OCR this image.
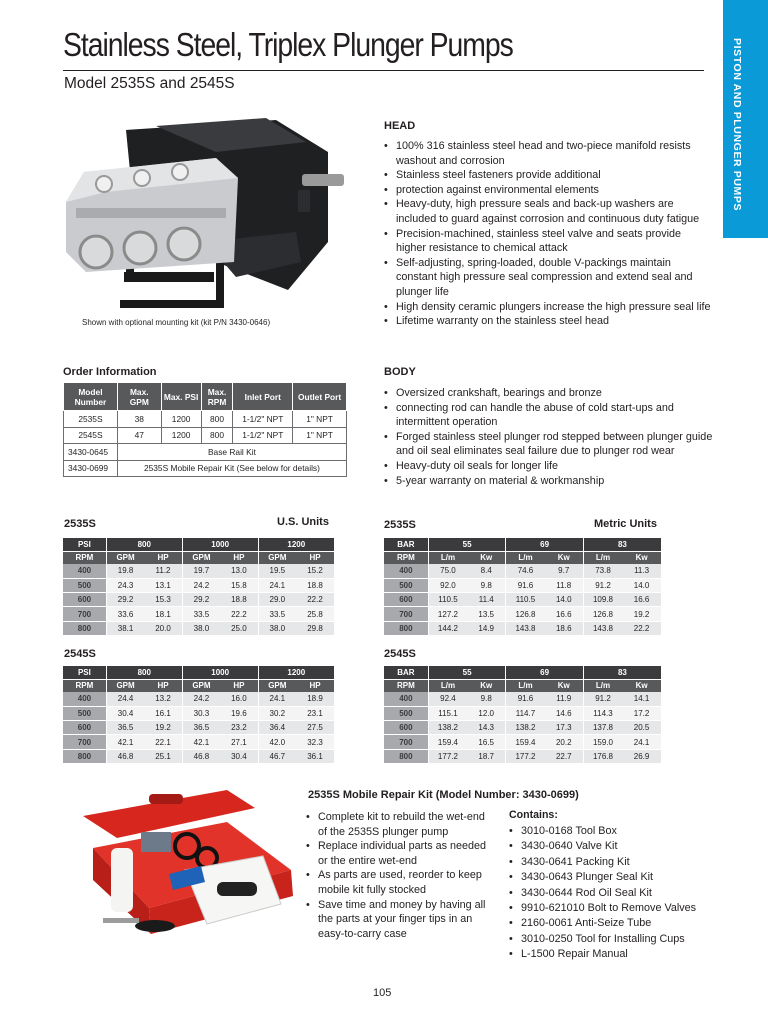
PISTON AND PLUNGER PUMPS
Stainless Steel, Triplex Plunger Pumps
Model 2535S and 2545S
Shown with optional mounting kit (kit P/N 3430-0646)
HEAD
• 100% 316 stainless steel head and two-piece manifold resists washout and corrosion
• Stainless steel fasteners provide additional
• protection against environmental elements
• Heavy-duty, high pressure seals and back-up washers are included to guard against corrosion and continuous duty fatigue
• Precision-machined, stainless steel valve and seats provide higher resistance to chemical attack
• Self-adjusting, spring-loaded, double V-packings maintain constant high pressure seal compression and extend seal and plunger life
• High density ceramic plungers increase the high pressure seal life
• Lifetime warranty on the stainless steel head
BODY
• Oversized crankshaft, bearings and bronze
• connecting rod can handle the abuse of cold start-ups and intermittent operation
• Forged stainless steel plunger rod stepped between plunger guide and oil seal eliminates seal failure due to plunger rod wear
• Heavy-duty oil seals for longer life
• 5-year warranty on material & workmanship
Order Information
Model Number	Max. GPM	Max. PSI	Max. RPM	Inlet Port	Outlet Port
2535S	38	1200	800	1-1/2" NPT	1" NPT
2545S	47	1200	800	1-1/2" NPT	1" NPT
3430-0645	Base Rail Kit				
3430-0699	2535S Mobile Repair Kit (See below for details)				
2535S	U.S. Units
PSI	800		1000		1200	
RPM	GPM	HP	GPM	HP	GPM	HP
400	19.8	11.2	19.7	13.0	19.5	15.2
500	24.3	13.1	24.2	15.8	24.1	18.8
600	29.2	15.3	29.2	18.8	29.0	22.2
700	33.6	18.1	33.5	22.2	33.5	25.8
800	38.1	20.0	38.0	25.0	38.0	29.8
2535S	Metric Units
BAR	55		69		83	
RPM	L/m	Kw	L/m	Kw	L/m	Kw
400	75.0	8.4	74.6	9.7	73.8	11.3
500	92.0	9.8	91.6	11.8	91.2	14.0
600	110.5	11.4	110.5	14.0	109.8	16.6
700	127.2	13.5	126.8	16.6	126.8	19.2
800	144.2	14.9	143.8	18.6	143.8	22.2
2545S
PSI	800		1000		1200	
RPM	GPM	HP	GPM	HP	GPM	HP
400	24.4	13.2	24.2	16.0	24.1	18.9
500	30.4	16.1	30.3	19.6	30.2	23.1
600	36.5	19.2	36.5	23.2	36.4	27.5
700	42.1	22.1	42.1	27.1	42.0	32.3
800	46.8	25.1	46.8	30.4	46.7	36.1
2545S
BAR	55		69		83	
RPM	L/m	Kw	L/m	Kw	L/m	Kw
400	92.4	9.8	91.6	11.9	91.2	14.1
500	115.1	12.0	114.7	14.6	114.3	17.2
600	138.2	14.3	138.2	17.3	137.8	20.5
700	159.4	16.5	159.4	20.2	159.0	24.1
800	177.2	18.7	177.2	22.7	176.8	26.9
2535S Mobile Repair Kit (Model Number: 3430-0699)
• Complete kit to rebuild the wet-end of the 2535S plunger pump
• Replace individual parts as needed or the entire wet-end
• As parts are used, reorder to keep mobile kit fully stocked
• Save time and money by having all the parts at your finger tips in an easy-to-carry case
Contains:
• 3010-0168 Tool Box
• 3430-0640 Valve Kit
• 3430-0641 Packing Kit
• 3430-0643 Plunger Seal Kit
• 3430-0644 Rod Oil Seal Kit
• 9910-621010 Bolt to Remove Valves
• 2160-0061 Anti-Seize Tube
• 3010-0250 Tool for Installing Cups
• L-1500 Repair Manual
105
